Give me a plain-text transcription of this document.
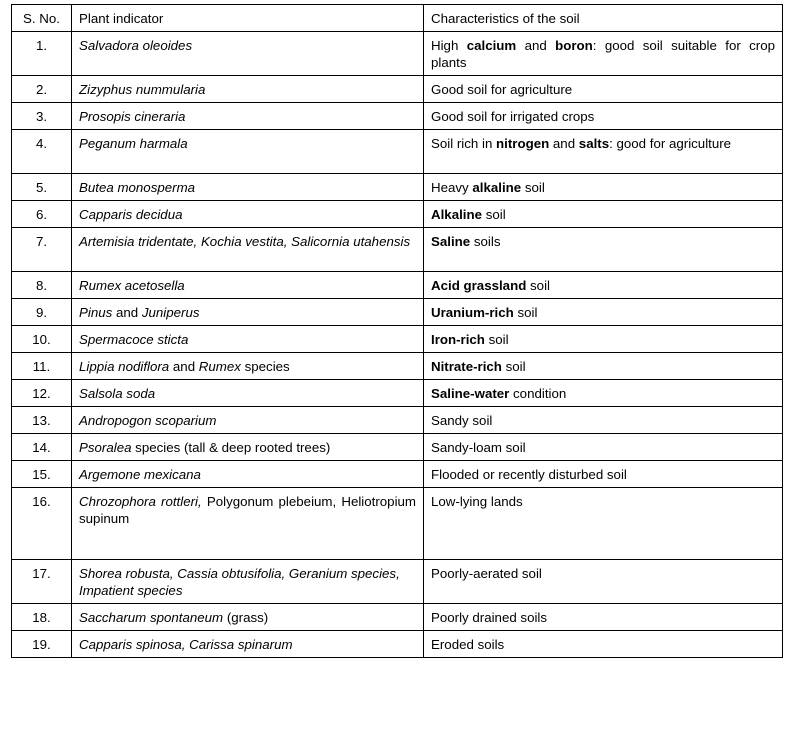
S. No.	Plant indicator	Characteristics of the soil
1.	Salvadora oleoides	High calcium and boron: good soil suitable for crop plants
2.	Zizyphus nummularia	Good soil for agriculture
3.	Prosopis cineraria	Good soil for irrigated crops
4.	Peganum harmala	Soil rich in nitrogen and salts: good for agriculture
5.	Butea monosperma	Heavy alkaline soil
6.	Capparis decidua	Alkaline soil
7.	Artemisia tridentate, Kochia vestita, Salicornia utahensis	Saline soils
8.	Rumex acetosella	Acid grassland soil
9.	Pinus and Juniperus	Uranium-rich soil
10.	Spermacoce sticta	Iron-rich soil
11.	Lippia nodiflora and Rumex species	Nitrate-rich soil
12.	Salsola soda	Saline-water condition
13.	Andropogon scoparium	Sandy soil
14.	Psoralea species (tall & deep rooted trees)	Sandy-loam soil
15.	Argemone mexicana	Flooded or recently disturbed soil
16.	Chrozophora rottleri, Polygonum plebeium, Heliotropium supinum	Low-lying lands
17.	Shorea robusta, Cassia obtusifolia, Geranium species, Impatient species	Poorly-aerated soil
18.	Saccharum spontaneum (grass)	Poorly drained soils
19.	Capparis spinosa, Carissa spinarum	Eroded soils
